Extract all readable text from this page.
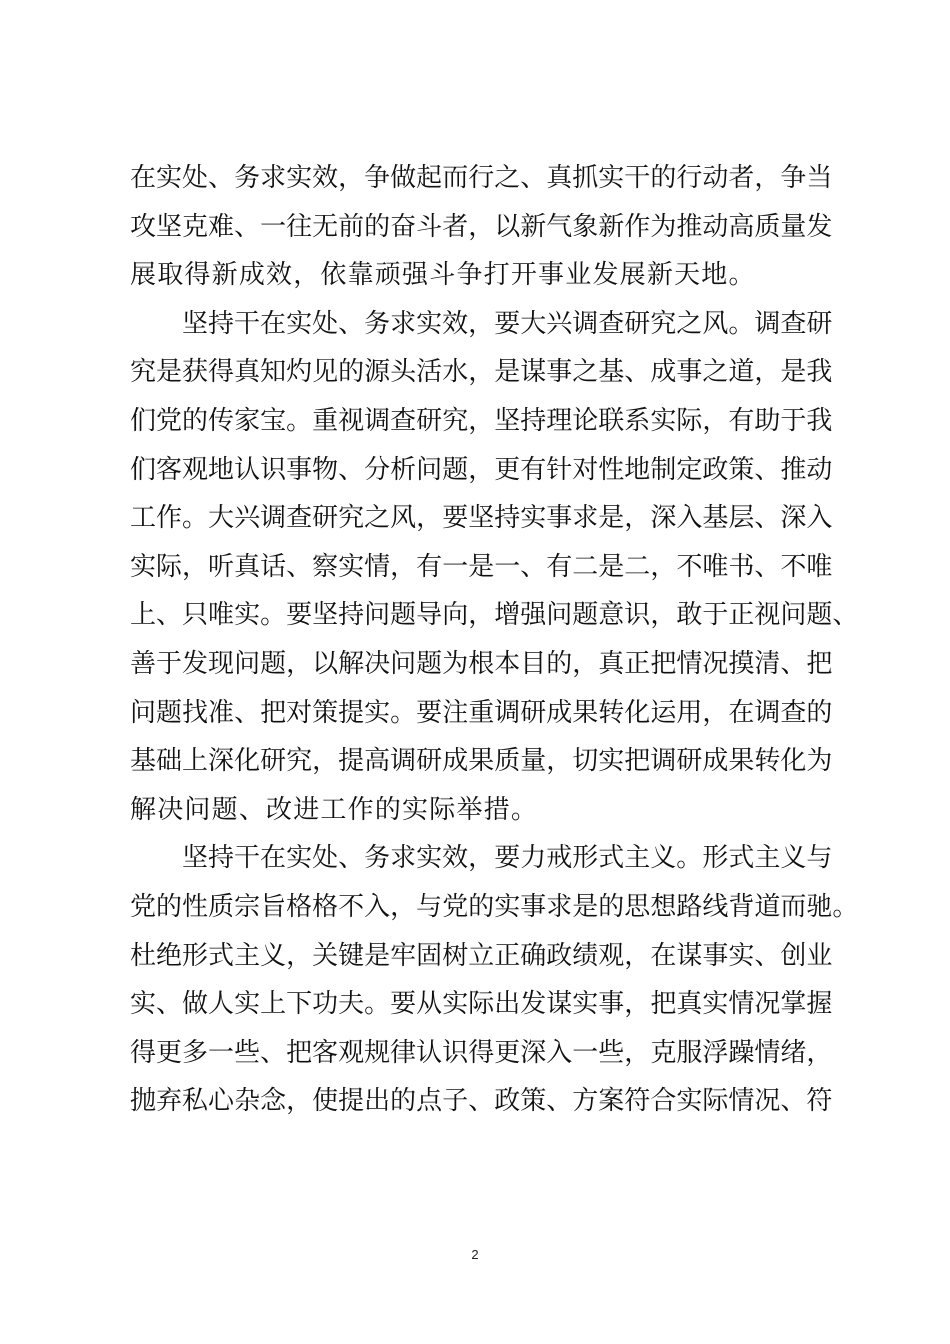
在 实 处 、 务 求 实 效 ， 争 做 起 而 行 之 、 真 抓 实 干 的 行 动 者 ， 争 当
攻 坚 克 难 、 一 往 无 前 的 奋 斗 者 ， 以 新 气 象 新 作 为 推 动 高 质 量 发
展 取 得 新 成 效 ， 依 靠 顽 强 斗 争 打 开 事 业 发 展 新 天 地 。
坚 持 干 在 实 处 、 务 求 实 效 ， 要 大 兴 调 查 研 究 之 风 。 调 查 研
究 是 获 得 真 知 灼 见 的 源 头 活 水 ， 是 谋 事 之 基 、 成 事 之 道 ， 是 我
们 党 的 传 家 宝 。 重 视 调 查 研 究 ， 坚 持 理 论 联 系 实 际 ， 有 助 于 我
们 客 观 地 认 识 事 物 、 分 析 问 题 ， 更 有 针 对 性 地 制 定 政 策 、 推 动
工 作 。 大 兴 调 查 研 究 之 风 ， 要 坚 持 实 事 求 是 ， 深 入 基 层 、 深 入
实 际 ， 听 真 话 、 察 实 情 ， 有 一 是 一 、 有 二 是 二 ， 不 唯 书 、 不 唯
上 、 只 唯 实 。 要 坚 持 问 题 导 向 ， 增 强 问 题 意 识 ， 敢 于 正 视 问 题 、
善 于 发 现 问 题 ， 以 解 决 问 题 为 根 本 目 的 ， 真 正 把 情 况 摸 清 、 把
问 题 找 准 、 把 对 策 提 实 。 要 注 重 调 研 成 果 转 化 运 用 ， 在 调 查 的
基 础 上 深 化 研 究 ， 提 高 调 研 成 果 质 量 ， 切 实 把 调 研 成 果 转 化 为
解 决 问 题 、 改 进 工 作 的 实 际 举 措 。
坚 持 干 在 实 处 、 务 求 实 效 ， 要 力 戒 形 式 主 义 。 形 式 主 义 与
党 的 性 质 宗 旨 格 格 不 入 ， 与 党 的 实 事 求 是 的 思 想 路 线 背 道 而 驰 。
杜 绝 形 式 主 义 ， 关 键 是 牢 固 树 立 正 确 政 绩 观 ， 在 谋 事 实 、 创 业
实 、 做 人 实 上 下 功 夫 。 要 从 实 际 出 发 谋 实 事 ， 把 真 实 情 况 掌 握
得 更 多 一 些 、 把 客 观 规 律 认 识 得 更 深 入 一 些 ， 克 服 浮 躁 情 绪 ，
抛 弃 私 心 杂 念 ， 使 提 出 的 点 子 、 政 策 、 方 案 符 合 实 际 情 况 、 符
2
